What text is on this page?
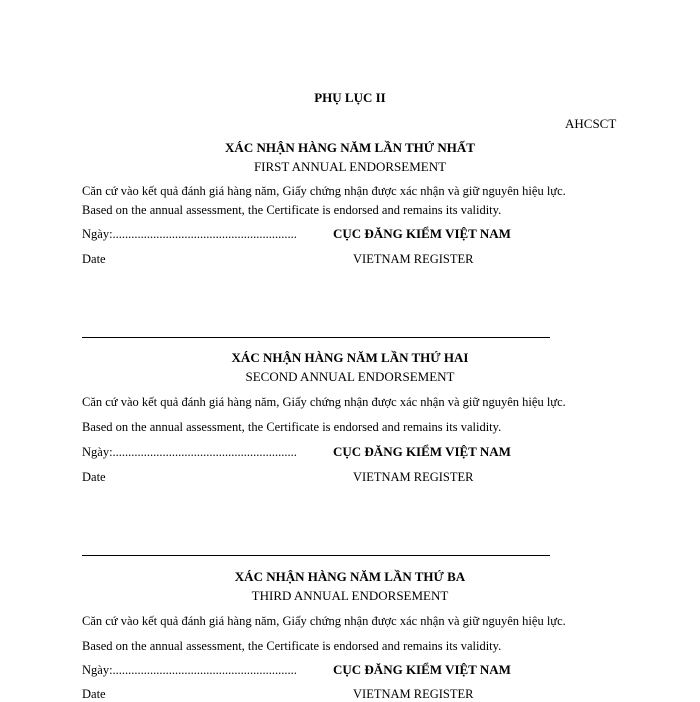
PHỤ LỤC II
AHCSCT
XÁC NHẬN HÀNG NĂM LẦN THỨ NHẤT
FIRST ANNUAL ENDORSEMENT
Căn cứ vào kết quả đánh giá hàng năm, Giấy chứng nhận được xác nhận và giữ nguyên hiệu lực.
Based on the annual assessment, the Certificate is endorsed and remains its validity.
Ngày:...........................................................	CỤC ĐĂNG KIỂM VIỆT NAM
Date	VIETNAM REGISTER
XÁC NHẬN HÀNG NĂM LẦN THỨ HAI
SECOND ANNUAL ENDORSEMENT
Căn cứ vào kết quả đánh giá hàng năm, Giấy chứng nhận được xác nhận và giữ nguyên hiệu lực.
Based on the annual assessment, the Certificate is endorsed and remains its validity.
Ngày:...........................................................	CỤC ĐĂNG KIỂM VIỆT NAM
Date	VIETNAM REGISTER
XÁC NHẬN HÀNG NĂM LẦN THỨ BA
THIRD ANNUAL ENDORSEMENT
Căn cứ vào kết quả đánh giá hàng năm, Giấy chứng nhận được xác nhận và giữ nguyên hiệu lực.
Based on the annual assessment, the Certificate is endorsed and remains its validity.
Ngày:...........................................................	CỤC ĐĂNG KIỂM VIỆT NAM
Date	VIETNAM REGISTER
